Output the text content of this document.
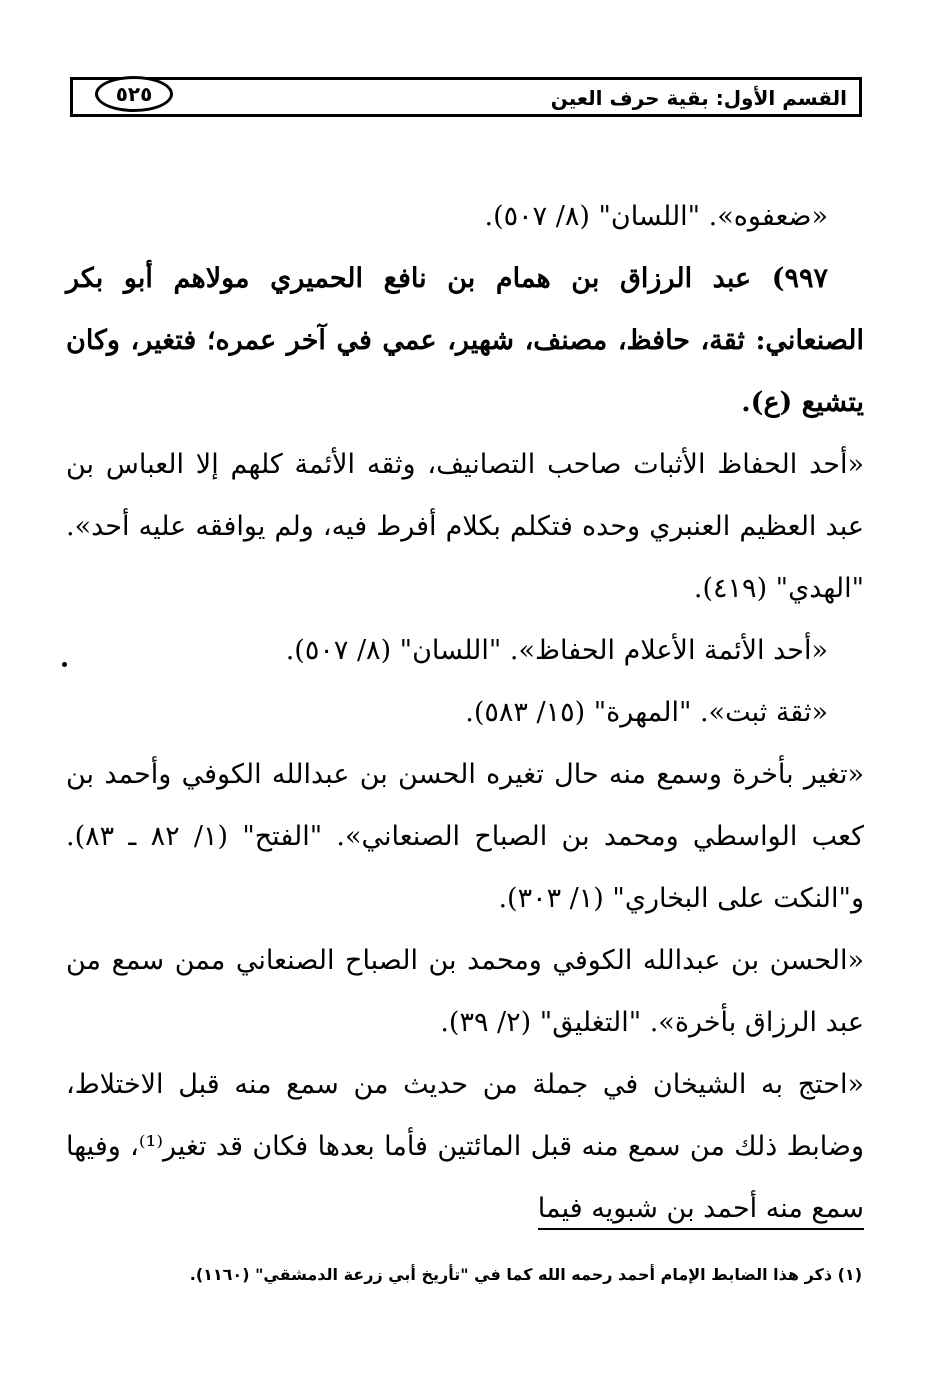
٥٢٥	القسم الأول: بقية حرف العين

«ضعفوه». "اللسان" (٨/ ٥٠٧).

٩٩٧) عبد الرزاق بن همام بن نافع الحميري مولاهم أبو بكر الصنعاني: ثقة، حافظ، مصنف، شهير، عمي في آخر عمره؛ فتغير، وكان يتشيع (ع).

«أحد الحفاظ الأثبات صاحب التصانيف، وثقه الأئمة كلهم إلا العباس بن عبد العظيم العنبري وحده فتكلم بكلام أفرط فيه، ولم يوافقه عليه أحد». "الهدي" (٤١٩).

«أحد الأئمة الأعلام الحفاظ». "اللسان" (٨/ ٥٠٧).

«ثقة ثبت». "المهرة" (١٥/ ٥٨٣).

«تغير بأخرة وسمع منه حال تغيره الحسن بن عبدالله الكوفي وأحمد بن كعب الواسطي ومحمد بن الصباح الصنعاني». "الفتح" (١/ ٨٢ ـ ٨٣). و"النكت على البخاري" (١/ ٣٠٣).

«الحسن بن عبدالله الكوفي ومحمد بن الصباح الصنعاني ممن سمع من عبد الرزاق بأخرة». "التغليق" (٢/ ٣٩).

«احتج به الشيخان في جملة من حديث من سمع منه قبل الاختلاط، وضابط ذلك من سمع منه قبل المائتين فأما بعدها فكان قد تغير⁽¹⁾، وفيها سمع منه أحمد بن شبويه فيما

(١) ذكر هذا الضابط الإمام أحمد رحمه الله كما في "تأريخ أبي زرعة الدمشقي" (١١٦٠).
